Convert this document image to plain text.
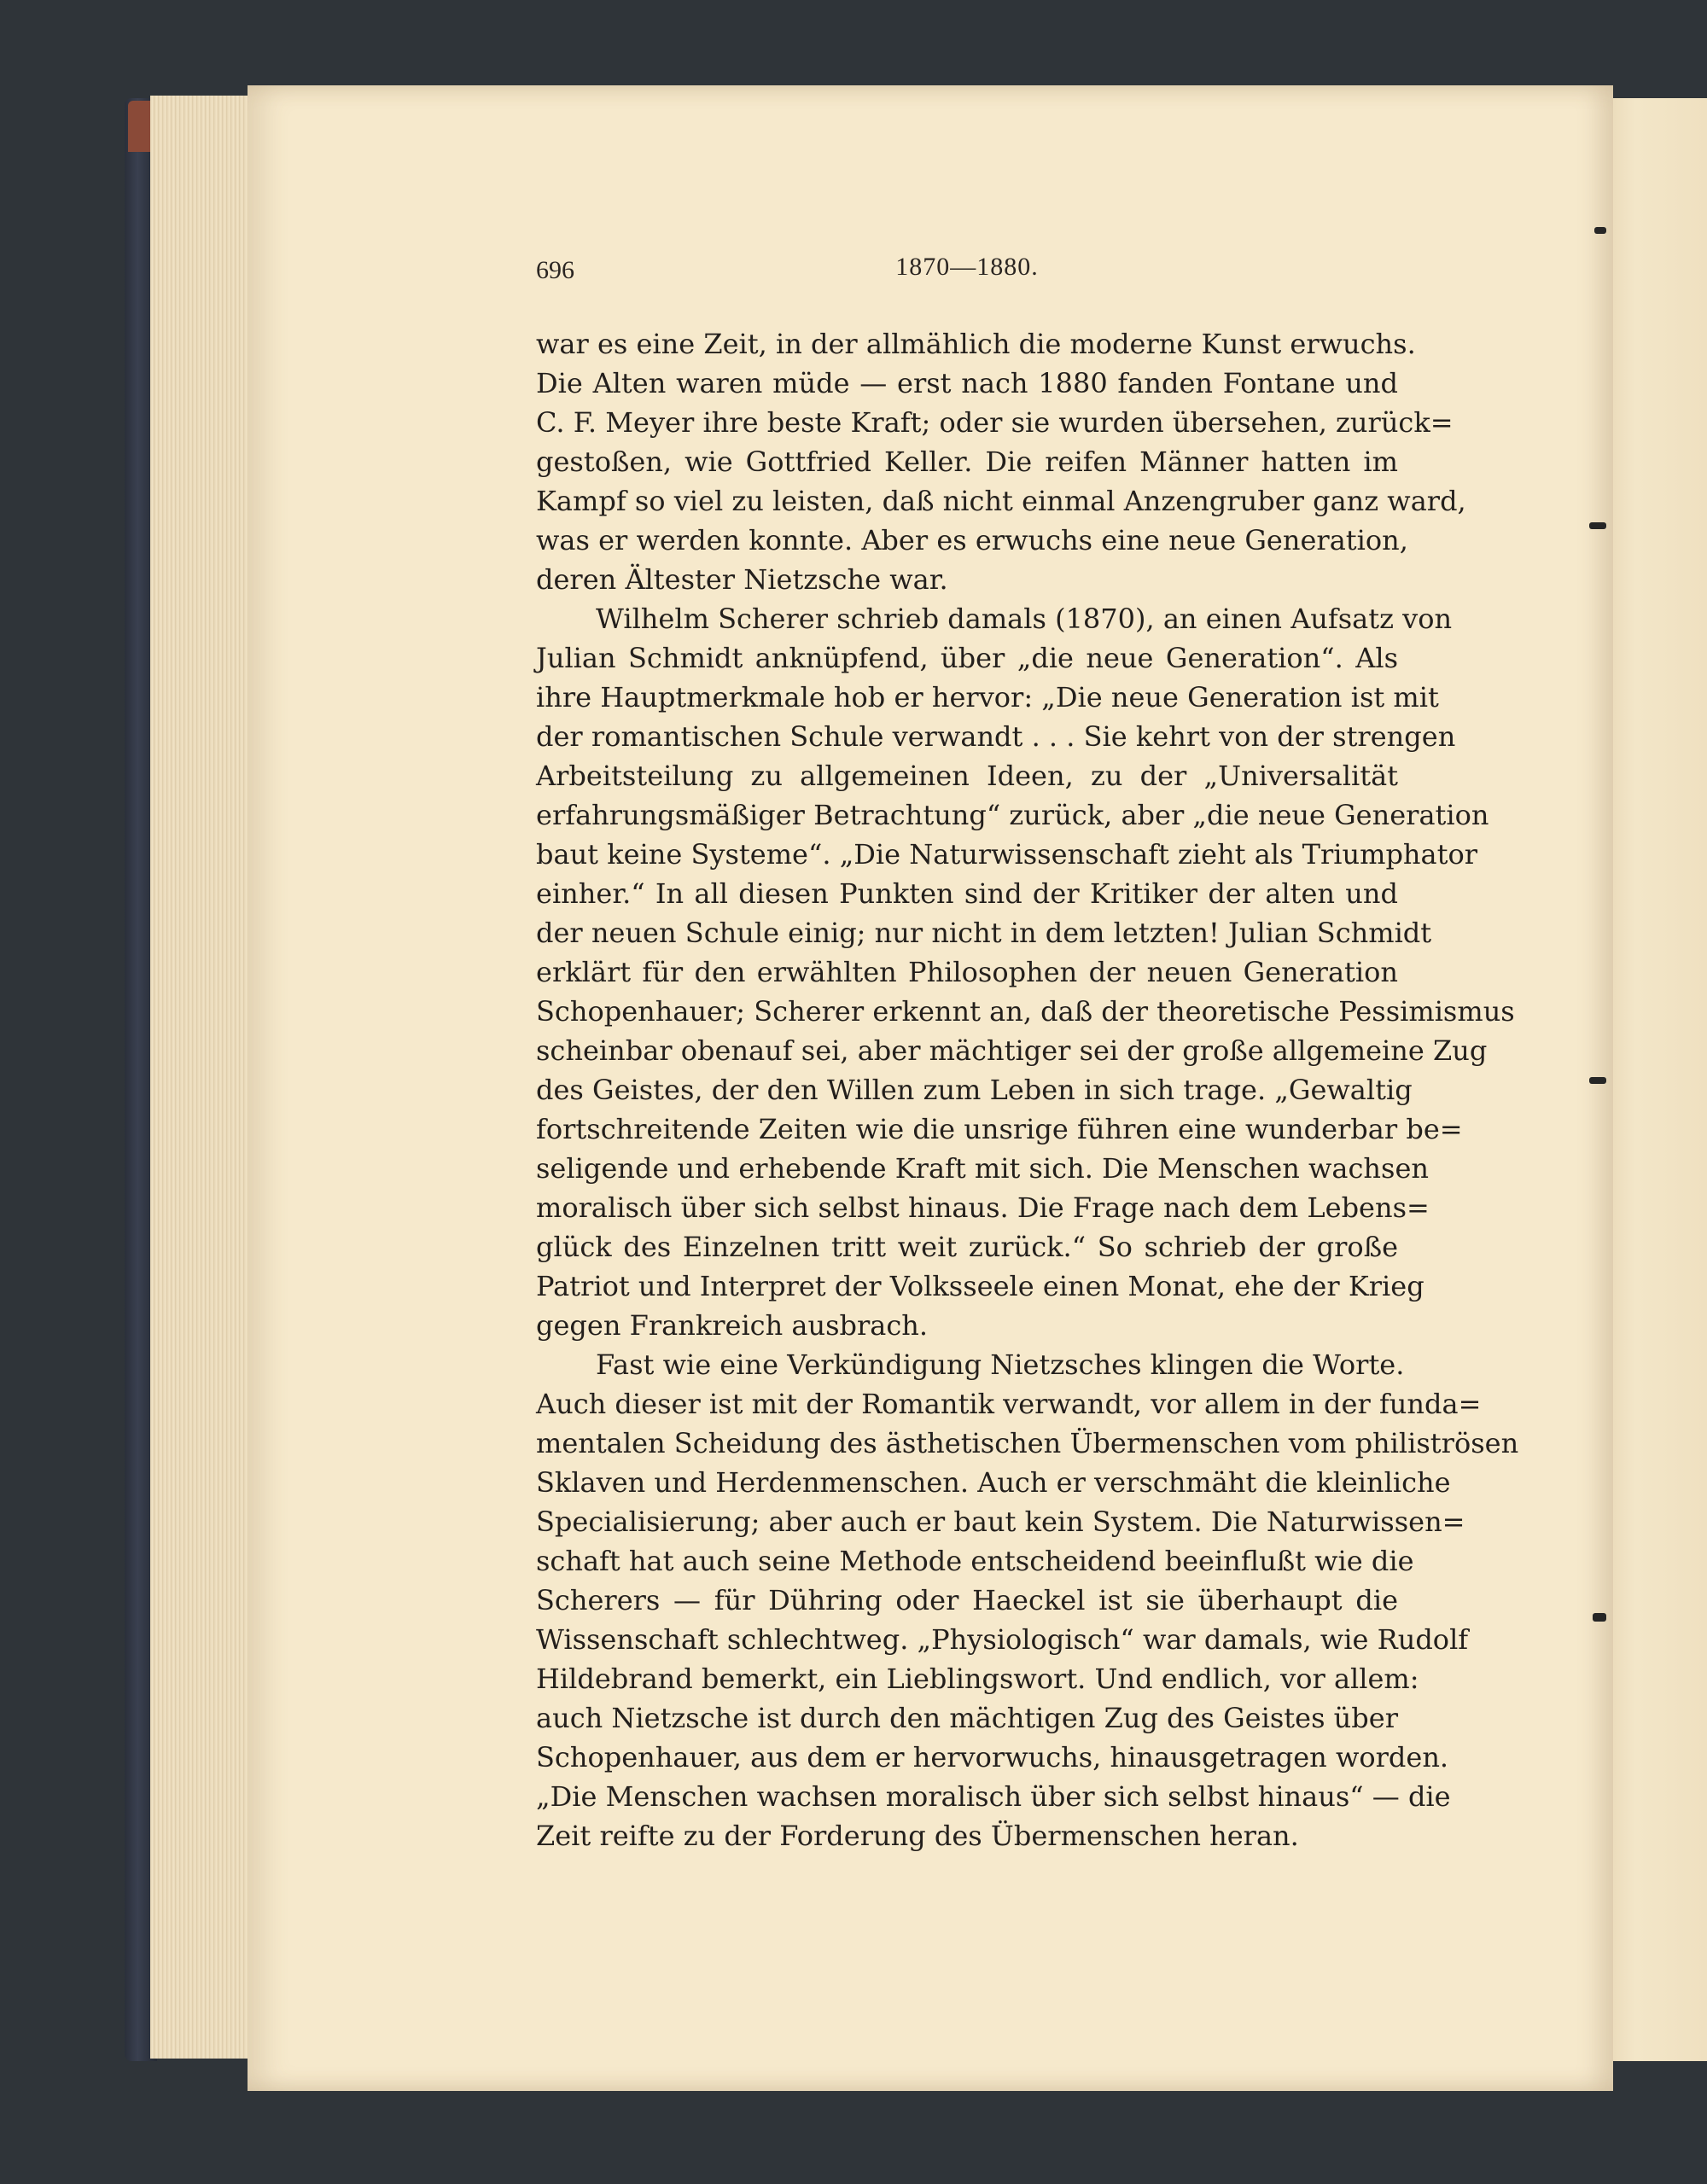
696	1870—1880.
war es eine Zeit, in der allmählich die moderne Kunst erwuchs.
Die Alten waren müde — erst nach 1880 fanden Fontane und
C. F. Meyer ihre beste Kraft; oder sie wurden übersehen, zurück=
gestoßen, wie Gottfried Keller. Die reifen Männer hatten im
Kampf so viel zu leisten, daß nicht einmal Anzengruber ganz ward,
was er werden konnte. Aber es erwuchs eine neue Generation,
deren Ältester Nietzsche war.
Wilhelm Scherer schrieb damals (1870), an einen Aufsatz von
Julian Schmidt anknüpfend, über „die neue Generation“. Als
ihre Hauptmerkmale hob er hervor: „Die neue Generation ist mit
der romantischen Schule verwandt . . . Sie kehrt von der strengen
Arbeitsteilung zu allgemeinen Ideen, zu der „Universalität
erfahrungsmäßiger Betrachtung“ zurück, aber „die neue Generation
baut keine Systeme“. „Die Naturwissenschaft zieht als Triumphator
einher.“ In all diesen Punkten sind der Kritiker der alten und
der neuen Schule einig; nur nicht in dem letzten! Julian Schmidt
erklärt für den erwählten Philosophen der neuen Generation
Schopenhauer; Scherer erkennt an, daß der theoretische Pessimismus
scheinbar obenauf sei, aber mächtiger sei der große allgemeine Zug
des Geistes, der den Willen zum Leben in sich trage. „Gewaltig
fortschreitende Zeiten wie die unsrige führen eine wunderbar be=
seligende und erhebende Kraft mit sich. Die Menschen wachsen
moralisch über sich selbst hinaus. Die Frage nach dem Lebens=
glück des Einzelnen tritt weit zurück.“ So schrieb der große
Patriot und Interpret der Volksseele einen Monat, ehe der Krieg
gegen Frankreich ausbrach.
Fast wie eine Verkündigung Nietzsches klingen die Worte.
Auch dieser ist mit der Romantik verwandt, vor allem in der funda=
mentalen Scheidung des ästhetischen Übermenschen vom philiströsen
Sklaven und Herdenmenschen. Auch er verschmäht die kleinliche
Specialisierung; aber auch er baut kein System. Die Naturwissen=
schaft hat auch seine Methode entscheidend beeinflußt wie die
Scherers — für Dühring oder Haeckel ist sie überhaupt die
Wissenschaft schlechtweg. „Physiologisch“ war damals, wie Rudolf
Hildebrand bemerkt, ein Lieblingswort. Und endlich, vor allem:
auch Nietzsche ist durch den mächtigen Zug des Geistes über
Schopenhauer, aus dem er hervorwuchs, hinausgetragen worden.
„Die Menschen wachsen moralisch über sich selbst hinaus“ — die
Zeit reifte zu der Forderung des Übermenschen heran.
